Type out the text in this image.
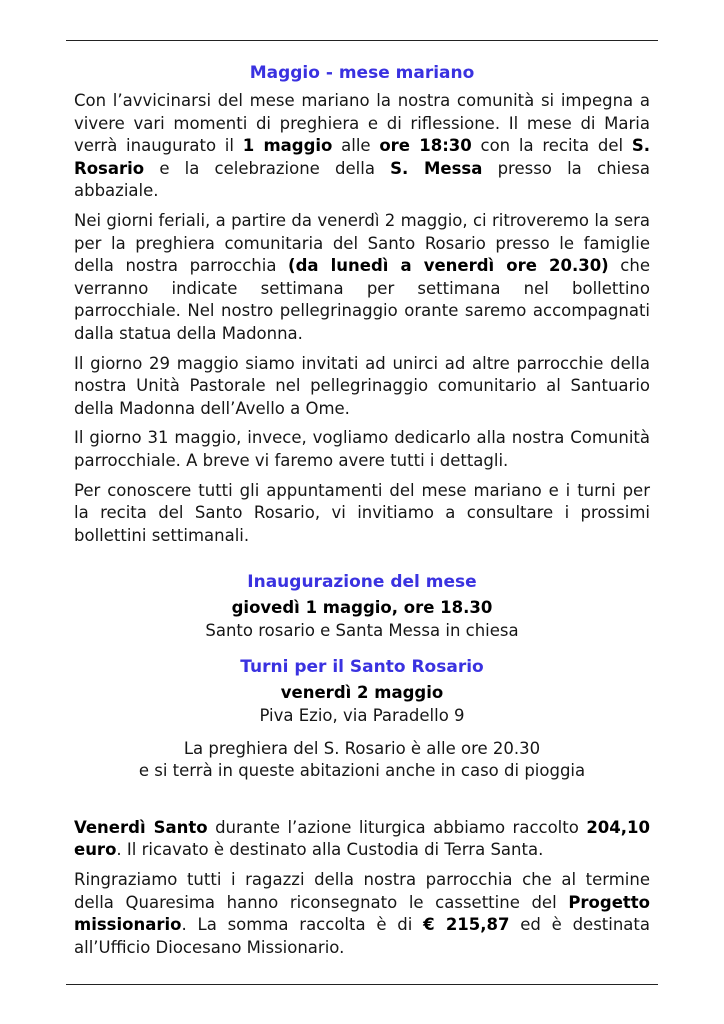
Maggio - mese mariano

Con l’avvicinarsi del mese mariano la nostra comunità si impegna a vivere vari momenti di preghiera e di riflessione. Il mese di Maria verrà inaugurato il 1 maggio alle ore 18:30 con la recita del S. Rosario e la celebrazione della S. Messa presso la chiesa abbaziale.

Nei giorni feriali, a partire da venerdì 2 maggio, ci ritroveremo la sera per la preghiera comunitaria del Santo Rosario presso le famiglie della nostra parrocchia (da lunedì a venerdì ore 20.30) che verranno indicate settimana per settimana nel bollettino parrocchiale. Nel nostro pellegrinaggio orante saremo accompagnati dalla statua della Madonna.

Il giorno 29 maggio siamo invitati ad unirci ad altre parrocchie della nostra Unità Pastorale nel pellegrinaggio comunitario al Santuario della Madonna dell’Avello a Ome.

Il giorno 31 maggio, invece, vogliamo dedicarlo alla nostra Comunità parrocchiale. A breve vi faremo avere tutti i dettagli.

Per conoscere tutti gli appuntamenti del mese mariano e i turni per la recita del Santo Rosario, vi invitiamo a consultare i prossimi bollettini settimanali.

Inaugurazione del mese
giovedì 1 maggio, ore 18.30
Santo rosario e Santa Messa in chiesa
Turni per il Santo Rosario
venerdì 2 maggio
Piva Ezio, via Paradello 9
La preghiera del S. Rosario è alle ore 20.30
e si terrà in queste abitazioni anche in caso di pioggia

Venerdì Santo durante l’azione liturgica abbiamo raccolto 204,10 euro. Il ricavato è destinato alla Custodia di Terra Santa.

Ringraziamo tutti i ragazzi della nostra parrocchia che al termine della Quaresima hanno riconsegnato le cassettine del Progetto missionario. La somma raccolta è di € 215,87 ed è destinata all’Ufficio Diocesano Missionario.
